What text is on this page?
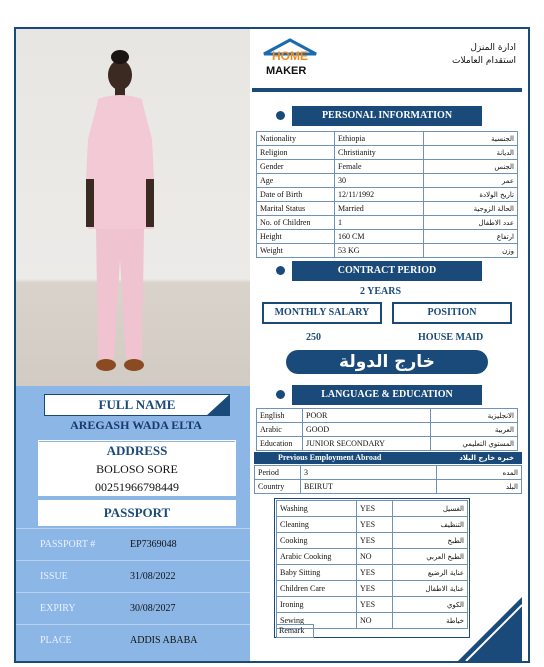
FULL NAME
AREGASH WADA ELTA
ADDRESS
BOLOSO SORE
00251966798449
PASSPORT
PASSPORT #	EP7369048
ISSUE	31/08/2022
EXPIRY	30/08/2027
PLACE	ADDIS ABABA
HOME
MAKER
ادارة المنزل
استقدام العاملات
PERSONAL INFORMATION
Nationality	Ethiopia	الجنسية
Religion	Christianity	الديانة
Gender	Female	الجنس
Age	30	عمر
Date of Birth	12/11/1992	تاريخ الولادة
Marital Status	Married	الحالة الزوجية
No. of Children	1	عدد الاطفال
Height	160 CM	ارتفاع
Weight	53 KG	وزن
CONTRACT PERIOD
2 YEARS
MONTHLY SALARY	POSITION
250	HOUSE MAID
خارج الدولة
LANGUAGE & EDUCATION
English	POOR	الانجليزية
Arabic	GOOD	العربية
Education	JUNIOR SECONDARY	المستوي التعليمي
Previous Employment Abroad	خبره خارج البلاد
Period	3	المده
Country	BEIRUT	البلد
Washing	YES	الغسيل
Cleaning	YES	التنظيف
Cooking	YES	الطبخ
Arabic Cooking	NO	الطبخ العربي
Baby Sitting	YES	عناية الرضيع
Children Care	YES	عناية الاطفال
Ironing	YES	الكوي
Sewing	NO	خياطة
Remark
